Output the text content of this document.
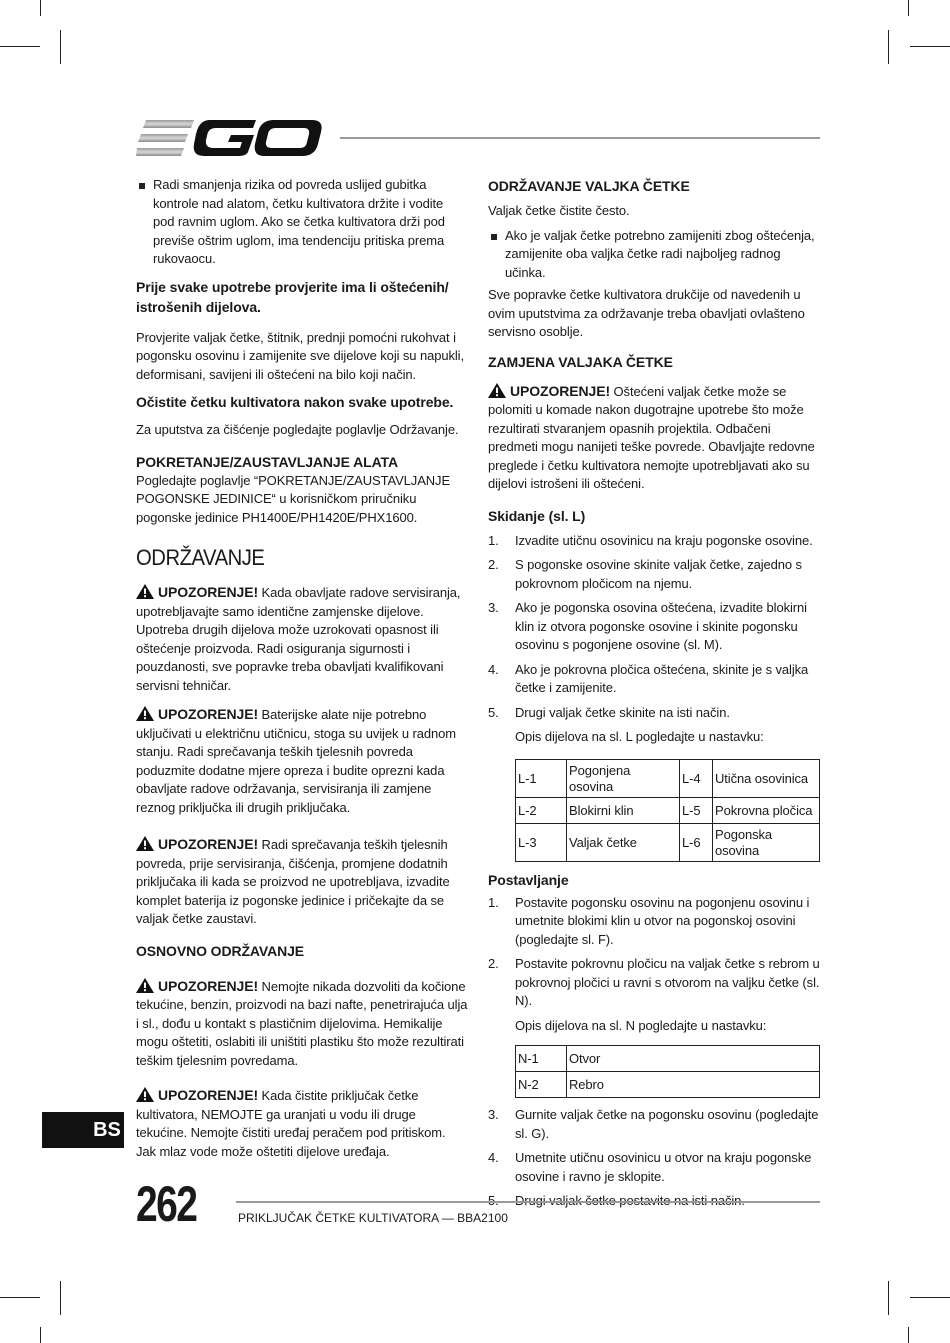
Radi smanjenja rizika od povreda uslijed gubitka kontrole nad alatom, četku kultivatora držite i vodite pod ravnim uglom. Ako se četka kultivatora drži pod previše oštrim uglom, ima tendenciju pritiska prema rukovaocu.

Prije svake upotrebe provjerite ima li oštećenih/ istrošenih dijelova.

Provjerite valjak četke, štitnik, prednji pomoćni rukohvat i pogonsku osovinu i zamijenite sve dijelove koji su napukli, deformisani, savijeni ili oštećeni na bilo koji način.

Očistite četku kultivatora nakon svake upotrebe.

Za uputstva za čišćenje pogledajte poglavlje Održavanje.

POKRETANJE/ZAUSTAVLJANJE ALATA

Pogledajte poglavlje “POKRETANJE/ZAUSTAVLJANJE POGONSKE JEDINICE“ u korisničkom priručniku pogonske jedinice PH1400E/PH1420E/PHX1600.

ODRŽAVANJE

UPOZORENJE! Kada obavljate radove servisiranja, upotrebljavajte samo identične zamjenske dijelove. Upotreba drugih dijelova može uzrokovati opasnost ili oštećenje proizvoda. Radi osiguranja sigurnosti i pouzdanosti, sve popravke treba obavljati kvalifikovani servisni tehničar.

UPOZORENJE! Baterijske alate nije potrebno uključivati u električnu utičnicu, stoga su uvijek u radnom stanju. Radi sprečavanja teških tjelesnih povreda poduzmite dodatne mjere opreza i budite oprezni kada obavljate radove održavanja, servisiranja ili zamjene reznog priključka ili drugih priključaka.

UPOZORENJE! Radi sprečavanja teških tjelesnih povreda, prije servisiranja, čišćenja, promjene dodatnih priključaka ili kada se proizvod ne upotrebljava, izvadite komplet baterija iz pogonske jedinice i pričekajte da se valjak četke zaustavi.

OSNOVNO ODRŽAVANJE

UPOZORENJE! Nemojte nikada dozvoliti da kočione tekućine, benzin, proizvodi na bazi nafte, penetrirajuća ulja i sl., dođu u kontakt s plastičnim dijelovima. Hemikalije mogu oštetiti, oslabiti ili uništiti plastiku što može rezultirati teškim tjelesnim povredama.

UPOZORENJE! Kada čistite priključak četke kultivatora, NEMOJTE ga uranjati u vodu ili druge tekućine. Nemojte čistiti uređaj peračem pod pritiskom. Jak mlaz vode može oštetiti dijelove uređaja.

ODRŽAVANJE VALJKA ČETKE

Valjak četke čistite često.

Ako je valjak četke potrebno zamijeniti zbog oštećenja, zamijenite oba valjka četke radi najboljeg radnog učinka.

Sve popravke četke kultivatora drukčije od navedenih u ovim uputstvima za održavanje treba obavljati ovlašteno servisno osoblje.

ZAMJENA VALJAKA ČETKE

UPOZORENJE! Oštećeni valjak četke može se polomiti u komade nakon dugotrajne upotrebe što može rezultirati stvaranjem opasnih projektila. Odbačeni predmeti mogu nanijeti teške povrede. Obavljajte redovne preglede i četku kultivatora nemojte upotrebljavati ako su dijelovi istrošeni ili oštećeni.

Skidanje (sl. L)

1. Izvadite utičnu osovinicu na kraju pogonske osovine.
2. S pogonske osovine skinite valjak četke, zajedno s pokrovnom pločicom na njemu.
3. Ako je pogonska osovina oštećena, izvadite blokirni klin iz otvora pogonske osovine i skinite pogonsku osovinu s pogonjene osovine (sl. M).
4. Ako je pokrovna pločica oštećena, skinite je s valjka četke i zamijenite.
5. Drugi valjak četke skinite na isti način.

Opis dijelova na sl. L pogledajte u nastavku:

L-1	Pogonjena osovina	L-4	Utična osovinica
L-2	Blokirni klin	L-5	Pokrovna pločica
L-3	Valjak četke	L-6	Pogonska osovina

Postavljanje

1. Postavite pogonsku osovinu na pogonjenu osovinu i umetnite blokimi klin u otvor na pogonskoj osovini (pogledajte sl. F).
2. Postavite pokrovnu pločicu na valjak četke s rebrom u pokrovnoj pločici u ravni s otvorom na valjku četke (sl. N).

Opis dijelova na sl. N pogledajte u nastavku:

N-1	Otvor
N-2	Rebro
3. Gurnite valjak četke na pogonsku osovinu (pogledajte sl. G).
4. Umetnite utičnu osovinicu u otvor na kraju pogonske osovine i ravno je sklopite.
BS
262	PRIKLJUČAK ČETKE KULTIVATORA — BBA2100
